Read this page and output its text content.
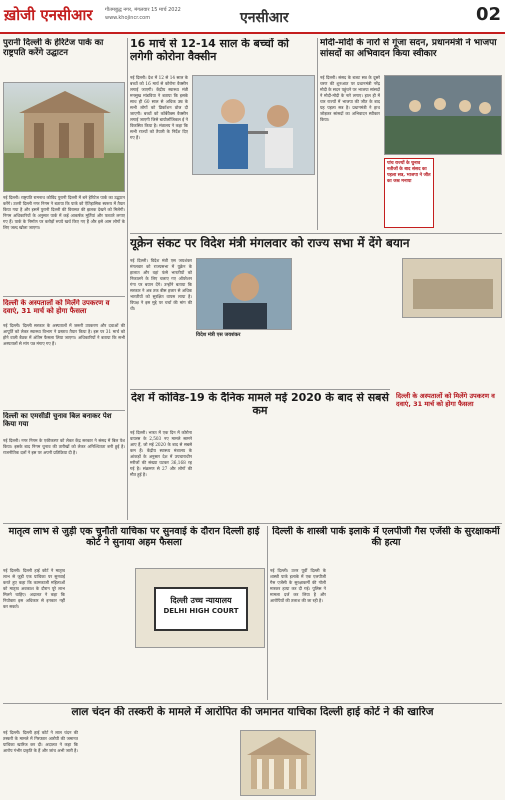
ख़ोजी एनसीआर गौतमबुद्ध नगर, मंगलवार 15 मार्च 2022
www.khojincr.com	एनसीआर	02
पुरानी दिल्ली के हेरिटेज पार्क का राष्ट्रपति करेंगे उद्घाटन
नई दिल्ली। राष्ट्रपति रामनाथ कोविंद पुरानी दिल्ली में बने हेरिटेज पार्क का उद्घाटन करेंगे। उत्तरी दिल्ली नगर निगम ने बताया कि पार्क को ऐतिहासिक स्वरूप में तैयार किया गया है और इसमें पुरानी दिल्ली की विरासत की झलक देखने को मिलेगी। निगम अधिकारियों के अनुसार पार्क में कई आकर्षक मूर्तियां और फव्वारे लगाए गए हैं। पार्क के निर्माण पर करोड़ों रुपये खर्च किए गए हैं और इसे आम लोगों के लिए जल्द खोला जाएगा।
दिल्ली के अस्पतालों को मिलेंगे उपकरण व दवाएं, 31 मार्च को होगा फैसला
नई दिल्ली। दिल्ली सरकार के अस्पतालों में जरूरी उपकरण और दवाओं की आपूर्ति को लेकर स्वास्थ्य विभाग ने प्रस्ताव तैयार किया है। इस पर 31 मार्च को होने वाली बैठक में अंतिम फैसला लिया जाएगा। अधिकारियों ने बताया कि सभी अस्पतालों से मांग पत्र मंगाए गए हैं।
दिल्ली का एमसीडी चुनाव बिल बनाकर पेश किया गया
नई दिल्ली। नगर निगम के एकीकरण को लेकर केंद्र सरकार ने संसद में बिल पेश किया। इसके बाद निगम चुनाव की तारीखों को लेकर अनिश्चितता बनी हुई है। राजनीतिक दलों ने इस पर अपनी प्रतिक्रिया दी है।
16 मार्च से 12-14 साल के बच्चों को लगेगी कोरोना वैक्सीन
नई दिल्ली। देश में 12 से 14 साल के बच्चों को 16 मार्च से कोरोना वैक्सीन लगाई जाएगी। केंद्रीय स्वास्थ्य मंत्री मनसुख मांडविया ने बताया कि इसके साथ ही 60 साल से अधिक उम्र के सभी लोगों को प्रिकॉशन डोज दी जाएगी। बच्चों को कॉर्बेवैक्स वैक्सीन लगाई जाएगी जिसे बायोलॉजिकल ई ने विकसित किया है। मंत्रालय ने कहा कि सभी राज्यों को तैयारी के निर्देश दिए गए हैं।
मोदी-मोदी के नारों से गूंजा सदन, प्रधानमंत्री ने भाजपा सांसदों का अभिवादन किया स्वीकार
नई दिल्ली। संसद के बजट सत्र के दूसरे चरण की शुरुआत पर प्रधानमंत्री नरेंद्र मोदी के सदन पहुंचने पर भाजपा सांसदों ने मोदी-मोदी के नारे लगाए। हाल ही में चार राज्यों में भाजपा की जीत के बाद यह पहला सत्र है। प्रधानमंत्री ने हाथ जोड़कर सांसदों का अभिवादन स्वीकार किया।
पांच राज्यों के चुनाव नतीजों के बाद संसद का पहला सत्र, भाजपा ने जीत का जश्न मनाया
यूक्रेन संकट पर विदेश मंत्री मंगलवार को राज्य सभा में देंगे बयान
नई दिल्ली। विदेश मंत्री एस जयशंकर मंगलवार को राज्यसभा में यूक्रेन के हालात और वहां फंसे भारतीयों को निकालने के लिए चलाए गए ऑपरेशन गंगा पर बयान देंगे। उन्होंने बताया कि सरकार ने अब तक बीस हजार से अधिक भारतीयों को सुरक्षित वापस लाया है। विपक्ष ने इस मुद्दे पर चर्चा की मांग की थी।
विदेश मंत्री एस जयशंकर
देश में कोविड-19 के दैनिक मामले मई 2020 के बाद से सबसे कम
नई दिल्ली। भारत में एक दिन में कोरोना वायरस के 2,503 नए मामले सामने आए हैं, जो मई 2020 के बाद से सबसे कम हैं। केंद्रीय स्वास्थ्य मंत्रालय के आंकड़ों के अनुसार देश में उपचाराधीन मरीजों की संख्या घटकर 36,168 रह गई है। संक्रमण से 27 और लोगों की मौत हुई है।
दिल्ली के अस्पतालों को मिलेंगे उपकरण व दवाएं, 31 मार्च को होगा फैसला
मातृत्व लाभ से जुड़ी एक चुनौती याचिका पर सुनवाई के दौरान दिल्ली हाई कोर्ट ने सुनाया अहम फैसला
नई दिल्ली। दिल्ली हाई कोर्ट ने मातृत्व लाभ से जुड़ी एक याचिका पर सुनवाई करते हुए कहा कि कामकाजी महिलाओं को मातृत्व अवकाश के दौरान पूरे लाभ मिलने चाहिए। अदालत ने कहा कि नियोक्ता इस अधिकार से इनकार नहीं कर सकते।
दिल्ली उच्च न्यायालय
DELHI HIGH COURT
दिल्ली के शास्त्री पार्क इलाके में एलपीजी गैस एजेंसी के सुरक्षाकर्मी की हत्या
नई दिल्ली। उत्तर पूर्वी दिल्ली के शास्त्री पार्क इलाके में एक एलपीजी गैस एजेंसी के सुरक्षाकर्मी की गोली मारकर हत्या कर दी गई। पुलिस ने मामला दर्ज कर लिया है और आरोपियों की तलाश की जा रही है।
लाल चंदन की तस्करी के मामले में आरोपित की जमानत याचिका दिल्ली हाई कोर्ट ने की खारिज
नई दिल्ली। दिल्ली हाई कोर्ट ने लाल चंदन की तस्करी के मामले में गिरफ्तार आरोपी की जमानत याचिका खारिज कर दी। अदालत ने कहा कि आरोप गंभीर प्रकृति के हैं और जांच अभी जारी है।
